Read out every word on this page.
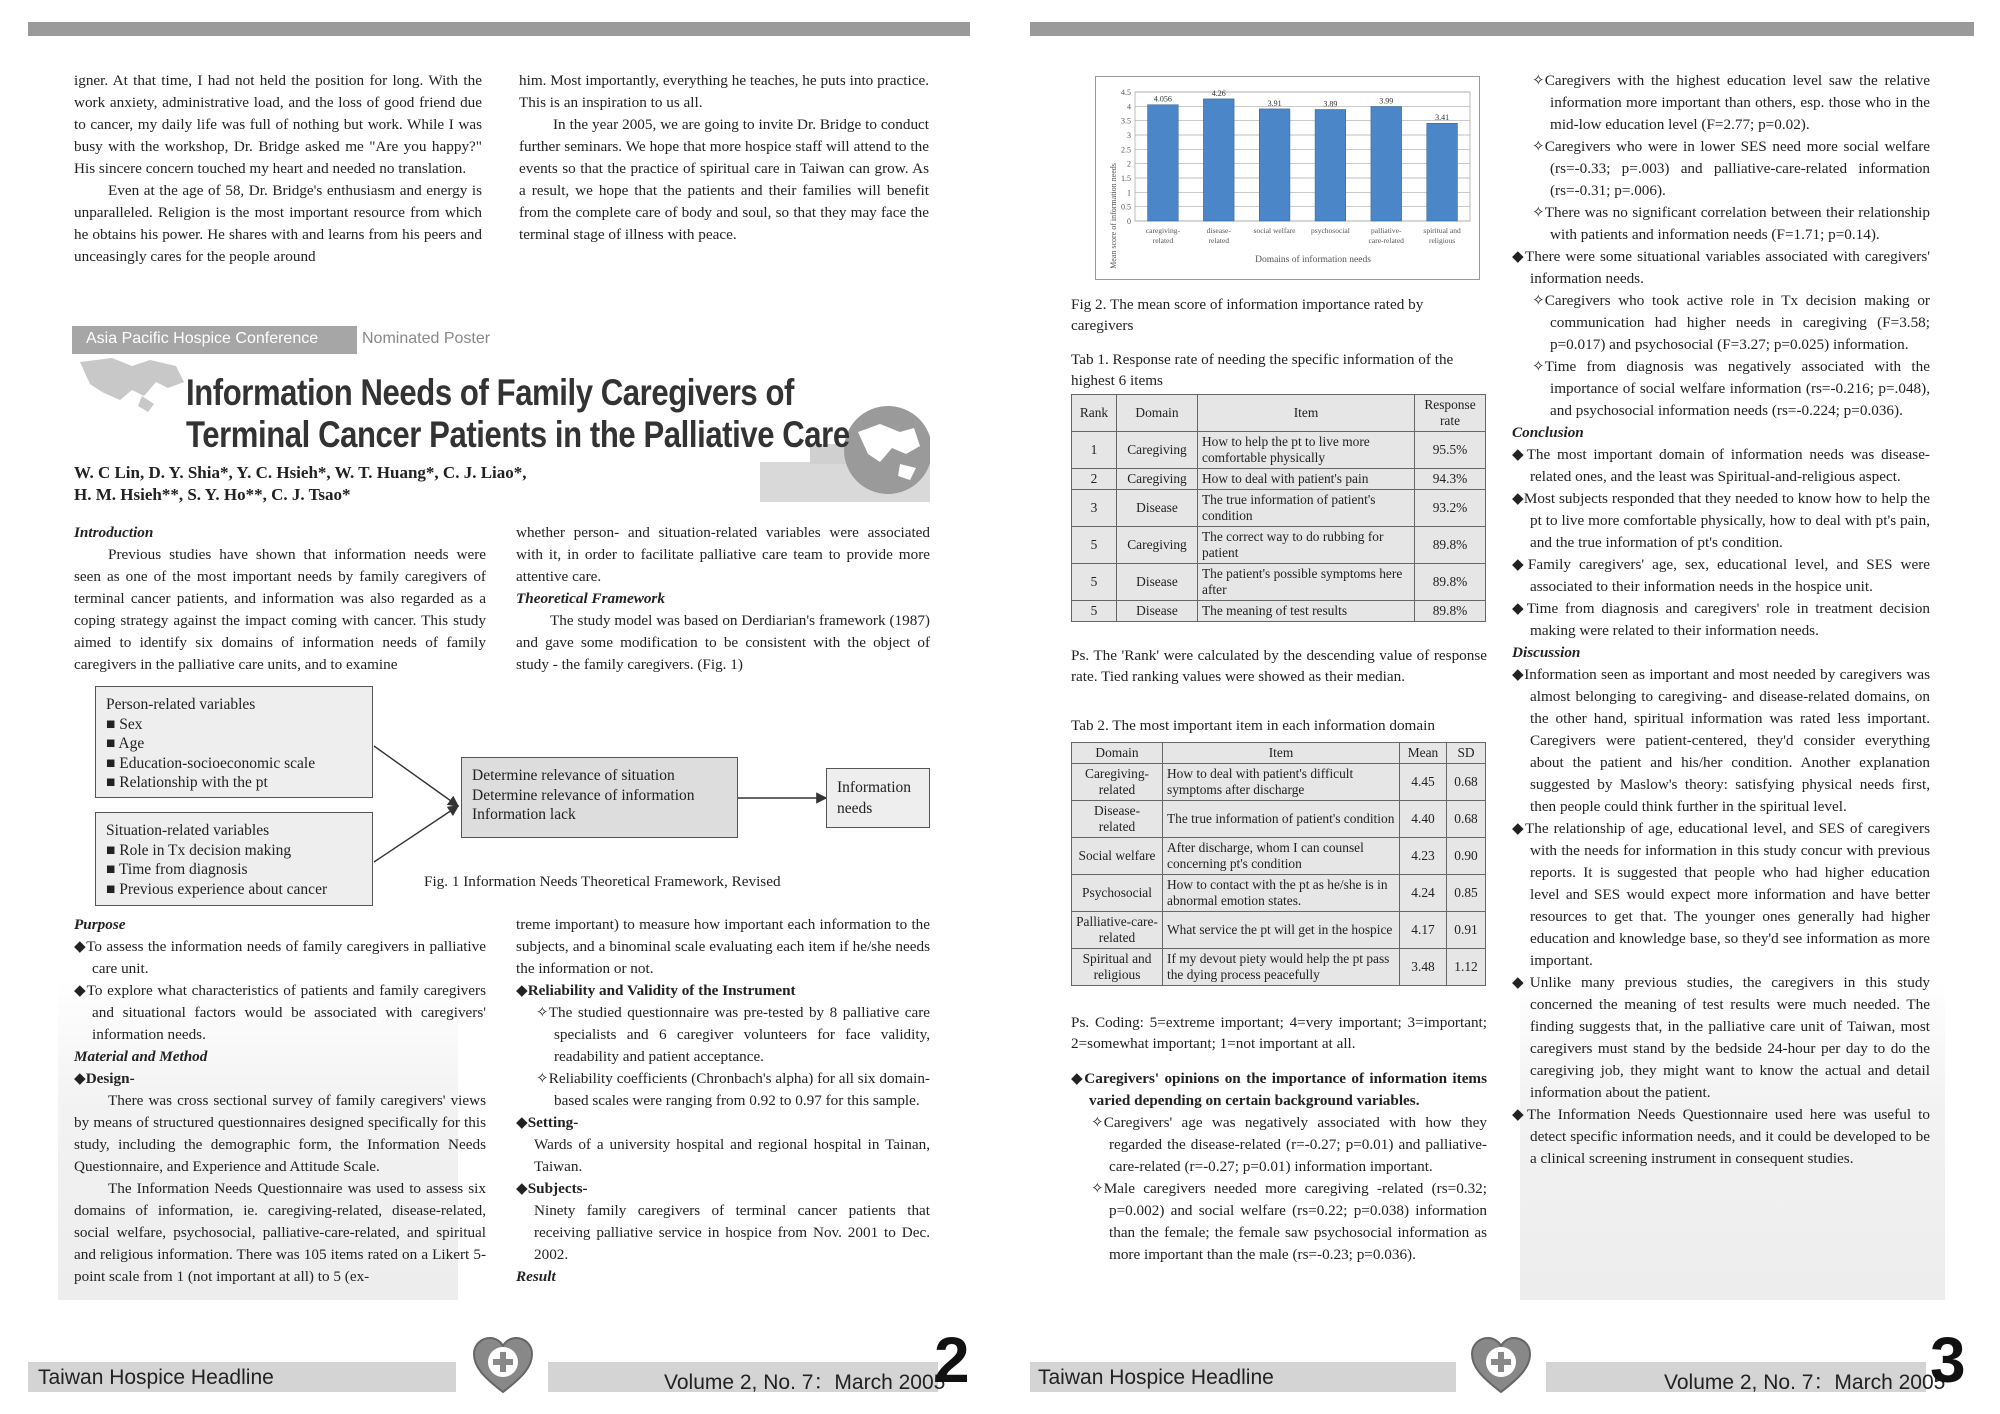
igner. At that time, I had not held the position for long. With the work anxiety, administrative load, and the loss of good friend due to cancer, my daily life was full of nothing but work. While I was busy with the workshop, Dr. Bridge asked me "Are you happy?" His sincere concern touched my heart and needed no translation.

Even at the age of 58, Dr. Bridge's enthusiasm and energy is unparalleled. Religion is the most important resource from which he obtains his power. He shares with and learns from his peers and unceasingly cares for the people around

him. Most importantly, everything he teaches, he puts into practice. This is an inspiration to us all.

In the year 2005, we are going to invite Dr. Bridge to conduct further seminars. We hope that more hospice staff will attend to the events so that the practice of spiritual care in Taiwan can grow. As a result, we hope that the patients and their families will benefit from the complete care of body and soul, so that they may face the terminal stage of illness with peace.

Asia Pacific Hospice Conference	Nominated Poster
Information Needs of Family Caregivers of
Terminal Cancer Patients in the Palliative Care
W. C Lin, D. Y. Shia*, Y. C. Hsieh*, W. T. Huang*, C. J. Liao*,
H. M. Hsieh**, S. Y. Ho**, C. J. Tsao*

Introduction

Previous studies have shown that information needs were seen as one of the most important needs by family caregivers of terminal cancer patients, and information was also regarded as a coping strategy against the impact coming with cancer. This study aimed to identify six domains of information needs of family caregivers in the palliative care units, and to examine

whether person- and situation-related variables were associated with it, in order to facilitate palliative care team to provide more attentive care.

Theoretical Framework

The study model was based on Derdiarian's framework (1987) and gave some modification to be consistent with the object of study - the family caregivers. (Fig. 1)

Person-related variables
■ Sex
■ Age
■ Education-socioeconomic scale
■ Relationship with the pt
Situation-related variables
■ Role in Tx decision making
■ Time from diagnosis
■ Previous experience about cancer
Determine relevance of situation
Determine relevance of information
Information lack
Information needs
Fig. 1 Information Needs Theoretical Framework, Revised

Purpose

◆To assess the information needs of family caregivers in palliative care unit.

◆To explore what characteristics of patients and family caregivers and situational factors would be associated with caregivers' information needs.

Material and Method

◆Design-

There was cross sectional survey of family caregivers' views by means of structured questionnaires designed specifically for this study, including the demographic form, the Information Needs Questionnaire, and Experience and Attitude Scale.

The Information Needs Questionnaire was used to assess six domains of information, ie. caregiving-related, disease-related, social welfare, psychosocial, palliative-care-related, and spiritual and religious information. There was 105 items rated on a Likert 5-point scale from 1 (not important at all) to 5 (ex-

treme important) to measure how important each information to the subjects, and a binominal scale evaluating each item if he/she needs the information or not.

◆Reliability and Validity of the Instrument

✧The studied questionnaire was pre-tested by 8 palliative care specialists and 6 caregiver volunteers for face validity, readability and patient acceptance.

✧Reliability coefficients (Chronbach's alpha) for all six domain-based scales were ranging from 0.92 to 0.97 for this sample.

◆Setting-

Wards of a university hospital and regional hospital in Tainan, Taiwan.

◆Subjects-

Ninety family caregivers of terminal cancer patients that receiving palliative service in hospice from Nov. 2001 to Dec. 2002.

Result

Taiwan Hospice Headline	Volume 2, No. 7：March 2005
2
0
0.5
1
1.5
2
2.5
3
3.5
4
4.5
4.056
caregiving-
related
4.26
disease-
related
3.91
social welfare
3.89
psychosocial
3.99
palliative-
care-related
3.41
spiritual and
religious
Mean score of information needs	Domains of information needs
Fig 2. The mean score of information importance rated by caregivers
Tab 1. Response rate of needing the specific information of the highest 6 items
Rank	Domain	Item	Response rate
1	Caregiving	How to help the pt to live more comfortable physically	95.5%
2	Caregiving	How to deal with patient's pain	94.3%
3	Disease	The true information of patient's condition	93.2%
5	Caregiving	The correct way to do rubbing for patient	89.8%
5	Disease	The patient's possible symptoms here after	89.8%
5	Disease	The meaning of test results	89.8%
Ps. The 'Rank' were calculated by the descending value of response rate. Tied ranking values were showed as their median.
Tab 2. The most important item in each information domain
Domain	Item	Mean	SD
Caregiving-related	How to deal with patient's difficult symptoms after discharge	4.45	0.68
Disease-related	The true information of patient's condition	4.40	0.68
Social welfare	After discharge, whom I can counsel concerning pt's condition	4.23	0.90
Psychosocial	How to contact with the pt as he/she is in abnormal emotion states.	4.24	0.85
Palliative-care-related	What service the pt will get in the hospice	4.17	0.91
Spiritual and religious	If my devout piety would help the pt pass the dying process peacefully	3.48	1.12
Ps. Coding: 5=extreme important; 4=very important; 3=important; 2=somewhat important; 1=not important at all.

◆Caregivers' opinions on the importance of information items varied depending on certain background variables.

✧Caregivers' age was negatively associated with how they regarded the disease-related (r=-0.27; p=0.01) and palliative-care-related (r=-0.27; p=0.01) information important.

✧Male caregivers needed more caregiving -related (rs=0.32; p=0.002) and social welfare (rs=0.22; p=0.038) information than the female; the female saw psychosocial information as more important than the male (rs=-0.23; p=0.036).

✧Caregivers with the highest education level saw the relative information more important than others, esp. those who in the mid-low education level (F=2.77; p=0.02).

✧Caregivers who were in lower SES need more social welfare (rs=-0.33; p=.003) and palliative-care-related information (rs=-0.31; p=.006).

✧There was no significant correlation between their relationship with patients and information needs (F=1.71; p=0.14).

◆There were some situational variables associated with caregivers' information needs.

✧Caregivers who took active role in Tx decision making or communication had higher needs in caregiving (F=3.58; p=0.017) and psychosocial (F=3.27; p=0.025) information.

✧Time from diagnosis was negatively associated with the importance of social welfare information (rs=-0.216; p=.048), and psychosocial information needs (rs=-0.224; p=0.036).

Conclusion

◆The most important domain of information needs was disease-related ones, and the least was Spiritual-and-religious aspect.

◆Most subjects responded that they needed to know how to help the pt to live more comfortable physically, how to deal with pt's pain, and the true information of pt's condition.

◆Family caregivers' age, sex, educational level, and SES were associated to their information needs in the hospice unit.

◆Time from diagnosis and caregivers' role in treatment decision making were related to their information needs.

Discussion

◆Information seen as important and most needed by caregivers was almost belonging to caregiving- and disease-related domains, on the other hand, spiritual information was rated less important. Caregivers were patient-centered, they'd consider everything about the patient and his/her condition. Another explanation suggested by Maslow's theory: satisfying physical needs first, then people could think further in the spiritual level.

◆The relationship of age, educational level, and SES of caregivers with the needs for information in this study concur with previous reports. It is suggested that people who had higher education level and SES would expect more information and have better resources to get that. The younger ones generally had higher education and knowledge base, so they'd see information as more important.

◆Unlike many previous studies, the caregivers in this study concerned the meaning of test results were much needed. The finding suggests that, in the palliative care unit of Taiwan, most caregivers must stand by the bedside 24-hour per day to do the caregiving job, they might want to know the actual and detail information about the patient.

◆The Information Needs Questionnaire used here was useful to detect specific information needs, and it could be developed to be a clinical screening instrument in consequent studies.

Taiwan Hospice Headline	Volume 2, No. 7：March 2005
3
